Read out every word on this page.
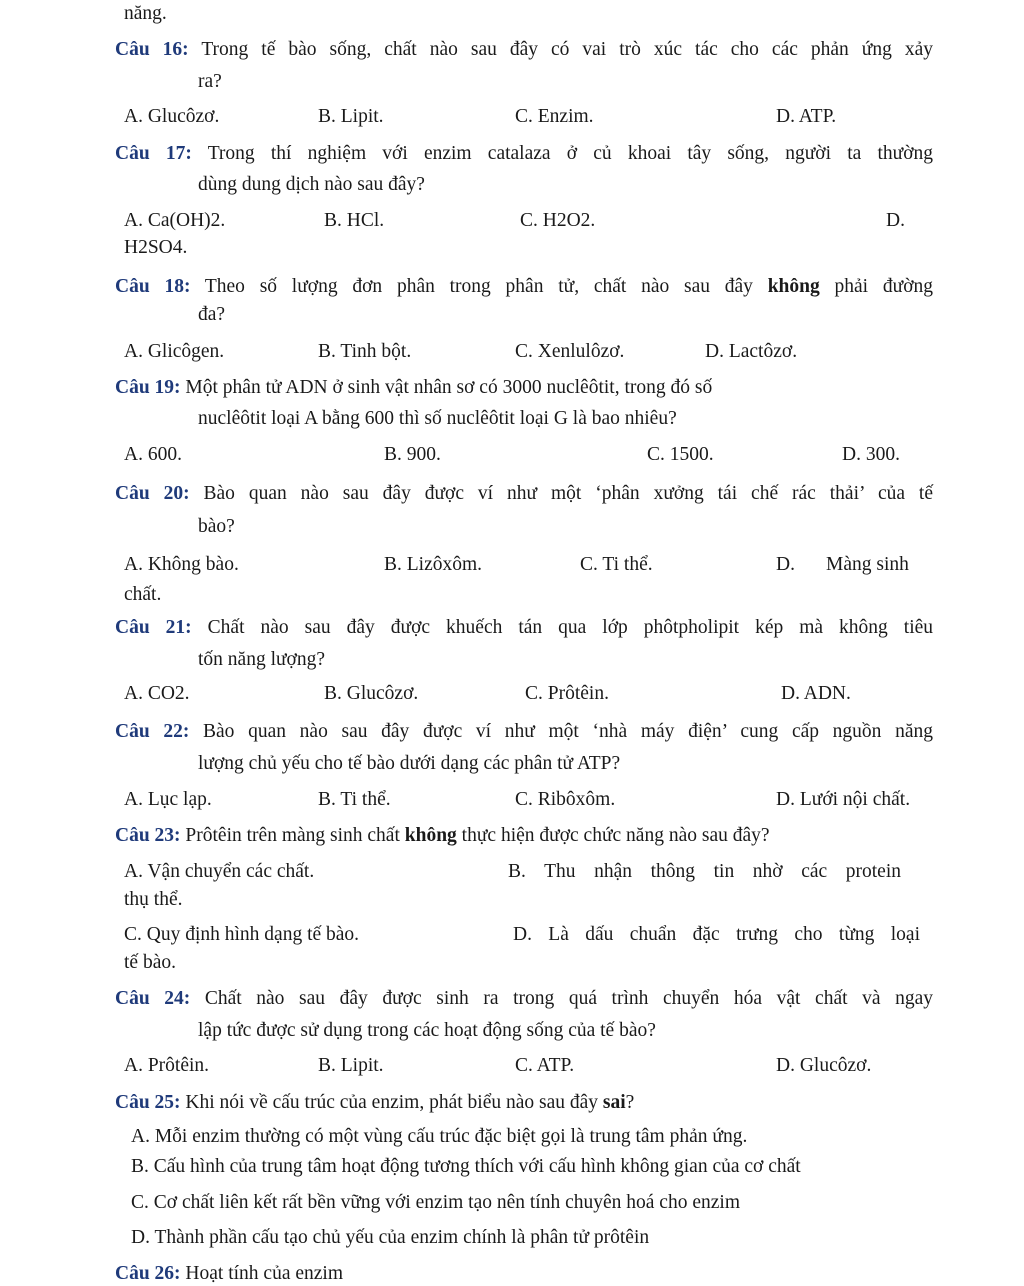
năng.
Câu 16: Trong tế bào sống, chất nào sau đây có vai trò xúc tác cho các phản ứng xảy
ra?
A. Glucôzơ.	B. Lipit.	C. Enzim.	D. ATP.
Câu 17: Trong thí nghiệm với enzim catalaza ở củ khoai tây sống, người ta thường
dùng dung dịch nào sau đây?
A. Ca(OH)2.	B. HCl.	C. H2O2.	D.
H2SO4.
Câu 18: Theo số lượng đơn phân trong phân tử, chất nào sau đây không phải đường
đa?
A. Glicôgen.	B. Tinh bột.	C. Xenlulôzơ.	D. Lactôzơ.
Câu 19: Một phân tử ADN ở sinh vật nhân sơ có 3000 nuclêôtit, trong đó số
nuclêôtit loại A bằng 600 thì số nuclêôtit loại G là bao nhiêu?
A. 600.	B. 900.	C. 1500.	D. 300.
Câu 20: Bào quan nào sau đây được ví như một ‘phân xưởng tái chế rác thải’ của tế
bào?
A. Không bào.	B. Lizôxôm.	C. Ti thể.	D. Màng sinh
chất.
Câu 21: Chất nào sau đây được khuếch tán qua lớp phôtpholipit kép mà không tiêu
tốn năng lượng?
A. CO2.	B. Glucôzơ.	C. Prôtêin.	D. ADN.
Câu 22: Bào quan nào sau đây được ví như một ‘nhà máy điện’ cung cấp nguồn năng
lượng chủ yếu cho tế bào dưới dạng các phân tử ATP?
A. Lục lạp.	B. Ti thể.	C. Ribôxôm.	D. Lưới nội chất.
Câu 23: Prôtêin trên màng sinh chất không thực hiện được chức năng nào sau đây?
A. Vận chuyển các chất.	B. Thu nhận thông tin nhờ các protein
thụ thể.
C. Quy định hình dạng tế bào.	D. Là dấu chuẩn đặc trưng cho từng loại
tế bào.
Câu 24: Chất nào sau đây được sinh ra trong quá trình chuyển hóa vật chất và ngay
lập tức được sử dụng trong các hoạt động sống của tế bào?
A. Prôtêin.	B. Lipit.	C. ATP.	D. Glucôzơ.
Câu 25: Khi nói về cấu trúc của enzim, phát biểu nào sau đây sai?
A. Mỗi enzim thường có một vùng cấu trúc đặc biệt gọi là trung tâm phản ứng.
B. Cấu hình của trung tâm hoạt động tương thích với cấu hình không gian của cơ chất
C. Cơ chất liên kết rất bền vững với enzim tạo nên tính chuyên hoá cho enzim
D. Thành phần cấu tạo chủ yếu của enzim chính là phân tử prôtêin
Câu 26: Hoạt tính của enzim
